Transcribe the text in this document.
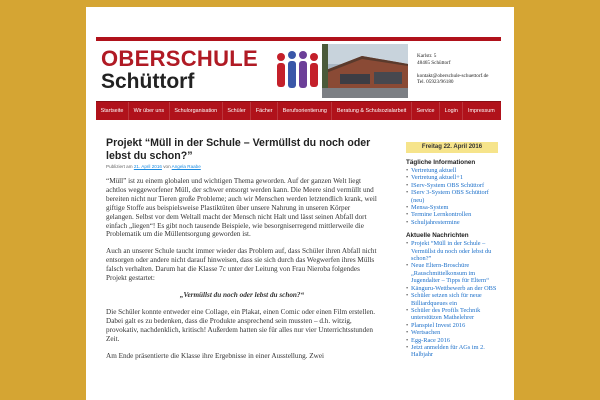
OBERSCHULE
Schüttorf
Karlstr. 5
48465 Schüttorf
kontakt@oberschule-schuettorf.de
Tel. 05923/96180
Startseite	Wir über uns	Schulorganisation	Schüler	Fächer	Berufsorientierung	Beratung & Schulsozialarbeit	Service	Login	Impressum
Projekt “Müll in der Schule – Vermüllst du noch oder lebst du schon?”
Publiziert am 21. April 2016 von Angela Raabe

“Müll” ist zu einem globalen und wichtigen Thema geworden. Auf der ganzen Welt liegt achtlos weggeworfener Müll, der schwer entsorgt werden kann. Die Meere sind vermüllt und bereiten nicht nur Tieren große Probleme; auch wir Menschen werden letztendlich krank, weil giftige Stoffe aus beispielsweise Plastiktüten über unsere Nahrung in unseren Körper gelangen. Selbst vor dem Weltall macht der Mensch nicht Halt und lässt seinen Abfall dort einfach „liegen“! Es gibt noch tausende Beispiele, wie besorgniserregend mittlerweile die Problematik um die Müllentsorgung geworden ist.

Auch an unserer Schule taucht immer wieder das Problem auf, dass Schüler ihren Abfall nicht entsorgen oder andere nicht darauf hinweisen, dass sie sich durch das Wegwerfen ihres Mülls falsch verhalten. Darum hat die Klasse 7c unter der Leitung von Frau Nieroba folgendes Projekt gestartet:

„Vermüllst du noch oder lebst du schon?“

Die Schüler konnte entweder eine Collage, ein Plakat, einen Comic oder einen Film erstellen. Dabei galt es zu bedenken, dass die Produkte ansprechend sein mussten – d.h. witzig, provokativ, nachdenklich, kritisch! Außerdem hatten sie für alles nur vier Unterrichtsstunden Zeit.

Am Ende präsentierte die Klasse ihre Ergebnisse in einer Ausstellung. Zwei

Freitag 22. April 2016
Tägliche Informationen
• Vertretung aktuell
• Vertretung aktuell+1
• IServ-System OBS Schüttorf
• IServ 3-System OBS Schüttorf (neu)
• Mensa-System
• Termine Lernkontrollen
• Schuljahrestermine
Aktuelle Nachrichten
• Projekt “Müll in der Schule – Vermüllst du noch oder lebst du schon?”
• Neue Eltern-Broschüre „Rauschmittelkonsum im Jugendalter – Tipps für Eltern“
• Känguru-Wettbewerb an der OBS
• Schüler setzen sich für neue Billiardqueues ein
• Schüler des Profils Technik unterstützen Mathelehrer
• Planspiel Invest 2016
• Wertsachen
• Egg-Race 2016
• Jetzt anmelden für AGs im 2. Halbjahr
